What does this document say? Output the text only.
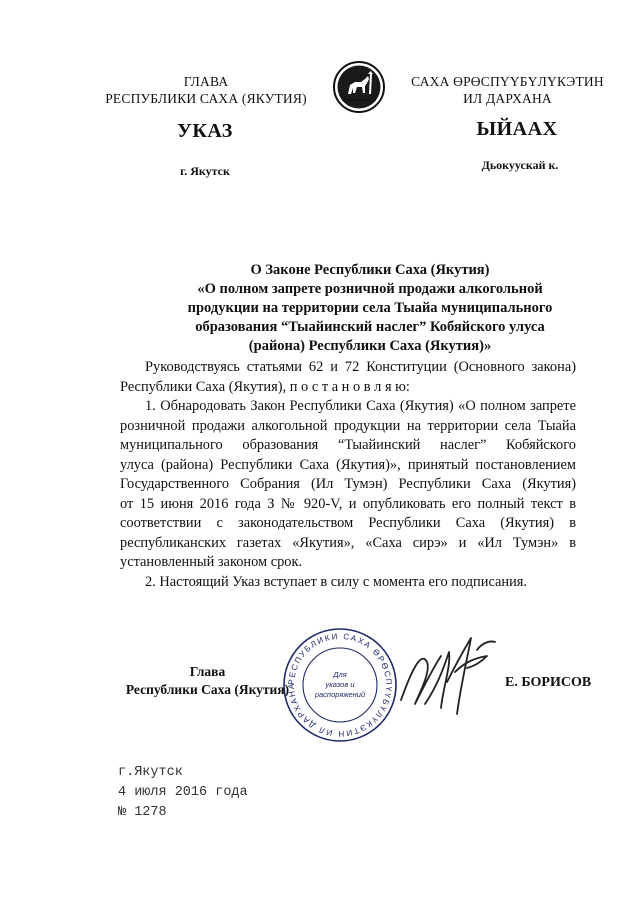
ГЛАВА
РЕСПУБЛИКИ САХА (ЯКУТИЯ)
САХА ӨРӨСПҮҮБҮЛҮКЭТИН
ИЛ ДАРХАНА
УКАЗ	ЫЙААХ
г. Якутск	Дьокуускай к.
О Законе Республики Саха (Якутия)
«О полном запрете розничной продажи алкогольной
продукции на территории села Тыайа муниципального
образования “Тыайинский наслег” Кобяйского улуса
(района) Республики Саха (Якутия)»
Руководствуясь статьями 62 и 72 Конституции (Основного закона)
Республики Саха (Якутия), п о с т а н о в л я ю:
1. Обнародовать Закон Республики Саха (Якутия) «О полном запрете
розничной продажи алкогольной продукции на территории села Тыайа
муниципального образования “Тыайинский наслег” Кобяйского
улуса (района) Республики Саха (Якутия)», принятый постановлением
Государственного Собрания (Ил Тумэн) Республики Саха (Якутия)
от 15 июня 2016 года З № 920-V, и опубликовать его полный текст в
соответствии с законодательством Республики Саха (Якутия) в
республиканских газетах «Якутия», «Саха сирэ» и «Ил Тумэн» в
установленный законом срок.
2. Настоящий Указ вступает в силу с момента его подписания.
Глава
Республики Саха (Якутия)
РЕСПУБЛИКИ САХА ӨРӨСПҮҮБҮЛҮКЭТИН ИЛ ДАРХАНА
Для
указов и
распоряжений
Е. БОРИСОВ
г.Якутск
4 июля 2016 года
№ 1278
